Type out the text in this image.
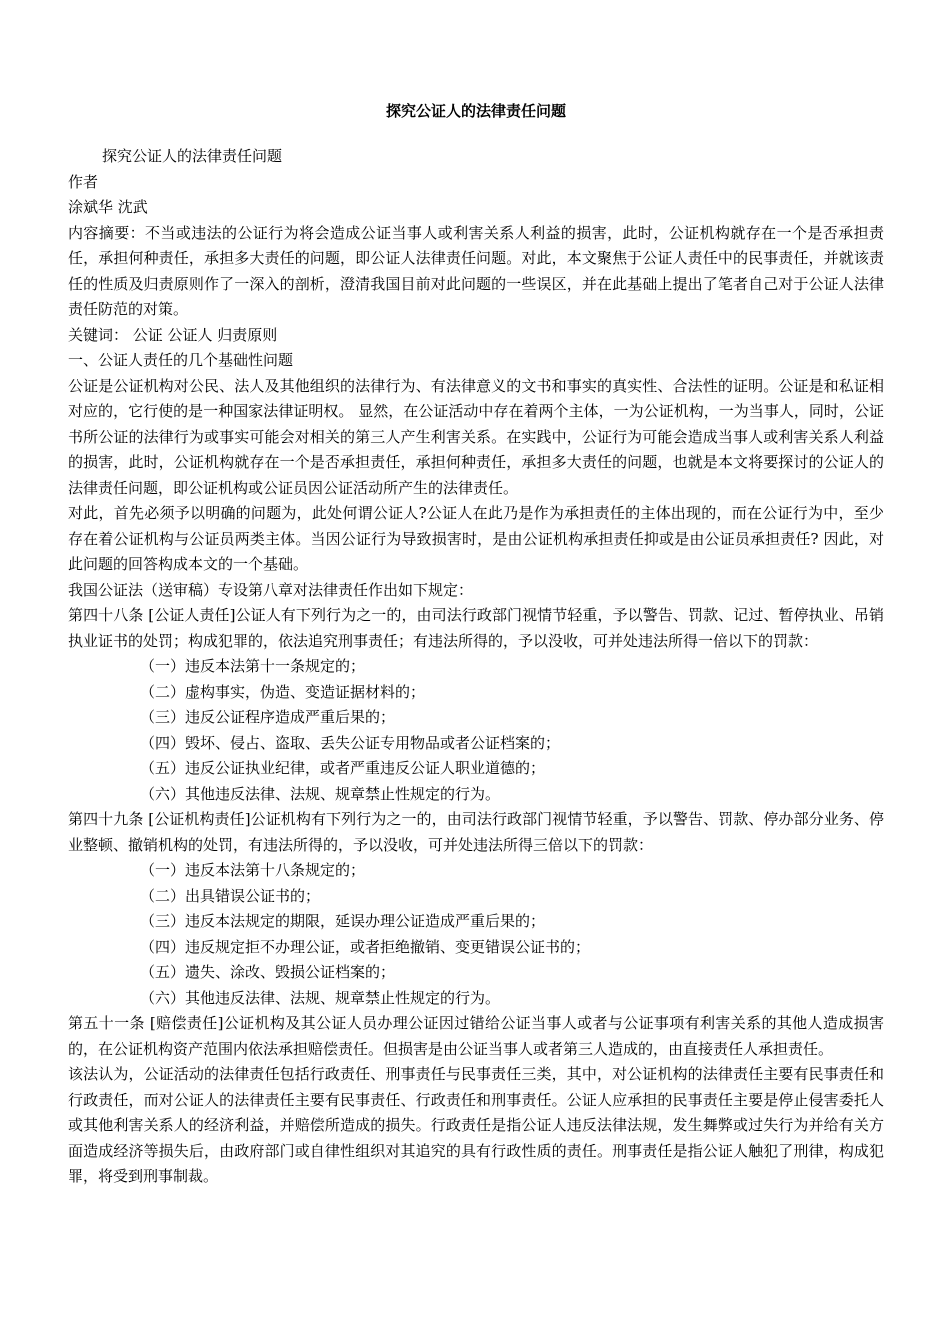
探究公证人的法律责任问题

探究公证人的法律责任问题

作者

涂斌华 沈武

内容摘要：不当或违法的公证行为将会造成公证当事人或利害关系人利益的损害，此时，公证机构就存在一个是否承担责任，承担何种责任，承担多大责任的问题，即公证人法律责任问题。对此，本文聚焦于公证人责任中的民事责任，并就该责任的性质及归责原则作了一深入的剖析，澄清我国目前对此问题的一些误区，并在此基础上提出了笔者自己对于公证人法律责任防范的对策。

关键词： 公证 公证人 归责原则

一、公证人责任的几个基础性问题

公证是公证机构对公民、法人及其他组织的法律行为、有法律意义的文书和事实的真实性、合法性的证明。公证是和私证相对应的，它行使的是一种国家法律证明权。 显然，在公证活动中存在着两个主体，一为公证机构，一为当事人，同时，公证书所公证的法律行为或事实可能会对相关的第三人产生利害关系。在实践中，公证行为可能会造成当事人或利害关系人利益的损害，此时，公证机构就存在一个是否承担责任，承担何种责任，承担多大责任的问题，也就是本文将要探讨的公证人的法律责任问题，即公证机构或公证员因公证活动所产生的法律责任。

对此，首先必须予以明确的问题为，此处何谓公证人?公证人在此乃是作为承担责任的主体出现的，而在公证行为中，至少存在着公证机构与公证员两类主体。当因公证行为导致损害时，是由公证机构承担责任抑或是由公证员承担责任? 因此，对此问题的回答构成本文的一个基础。

我国公证法（送审稿）专设第八章对法律责任作出如下规定：

第四十八条 [公证人责任]公证人有下列行为之一的，由司法行政部门视情节轻重，予以警告、罚款、记过、暂停执业、吊销执业证书的处罚；构成犯罪的，依法追究刑事责任；有违法所得的，予以没收，可并处违法所得一倍以下的罚款：

（一）违反本法第十一条规定的；
（二）虚构事实，伪造、变造证据材料的；
（三）违反公证程序造成严重后果的；
（四）毁坏、侵占、盗取、丢失公证专用物品或者公证档案的；
（五）违反公证执业纪律，或者严重违反公证人职业道德的；
（六）其他违反法律、法规、规章禁止性规定的行为。

第四十九条 [公证机构责任]公证机构有下列行为之一的，由司法行政部门视情节轻重，予以警告、罚款、停办部分业务、停业整顿、撤销机构的处罚，有违法所得的，予以没收，可并处违法所得三倍以下的罚款：

（一）违反本法第十八条规定的；
（二）出具错误公证书的；
（三）违反本法规定的期限，延误办理公证造成严重后果的；
（四）违反规定拒不办理公证，或者拒绝撤销、变更错误公证书的；
（五）遗失、涂改、毁损公证档案的；
（六）其他违反法律、法规、规章禁止性规定的行为。

第五十一条 [赔偿责任]公证机构及其公证人员办理公证因过错给公证当事人或者与公证事项有利害关系的其他人造成损害的，在公证机构资产范围内依法承担赔偿责任。但损害是由公证当事人或者第三人造成的，由直接责任人承担责任。

该法认为，公证活动的法律责任包括行政责任、刑事责任与民事责任三类，其中，对公证机构的法律责任主要有民事责任和行政责任，而对公证人的法律责任主要有民事责任、行政责任和刑事责任。公证人应承担的民事责任主要是停止侵害委托人或其他利害关系人的经济利益，并赔偿所造成的损失。行政责任是指公证人违反法律法规，发生舞弊或过失行为并给有关方面造成经济等损失后，由政府部门或自律性组织对其追究的具有行政性质的责任。刑事责任是指公证人触犯了刑律，构成犯罪，将受到刑事制裁。
